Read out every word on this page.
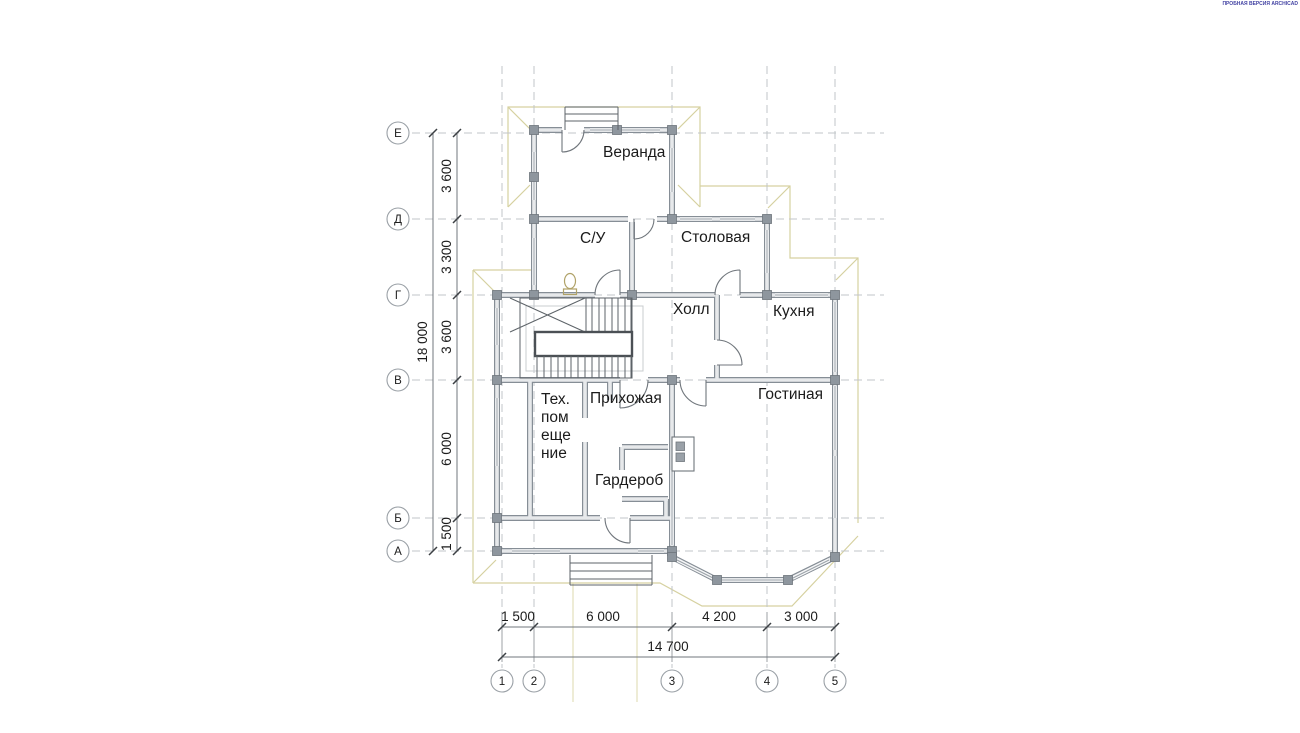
ПРОБНАЯ ВЕРСИЯ ARCHICAD
Веранда
С/У	Столовая
Холл	Кухня
Гостиная
Прихожая
Гардероб
Тех.
пом
еще
ние
3 600
3 300
3 600
6 000
1 500
18 000
1 500	6 000	4 200	3 000
14 700
Е
Д
Г
В
Б
А
1 2	3	4	5
